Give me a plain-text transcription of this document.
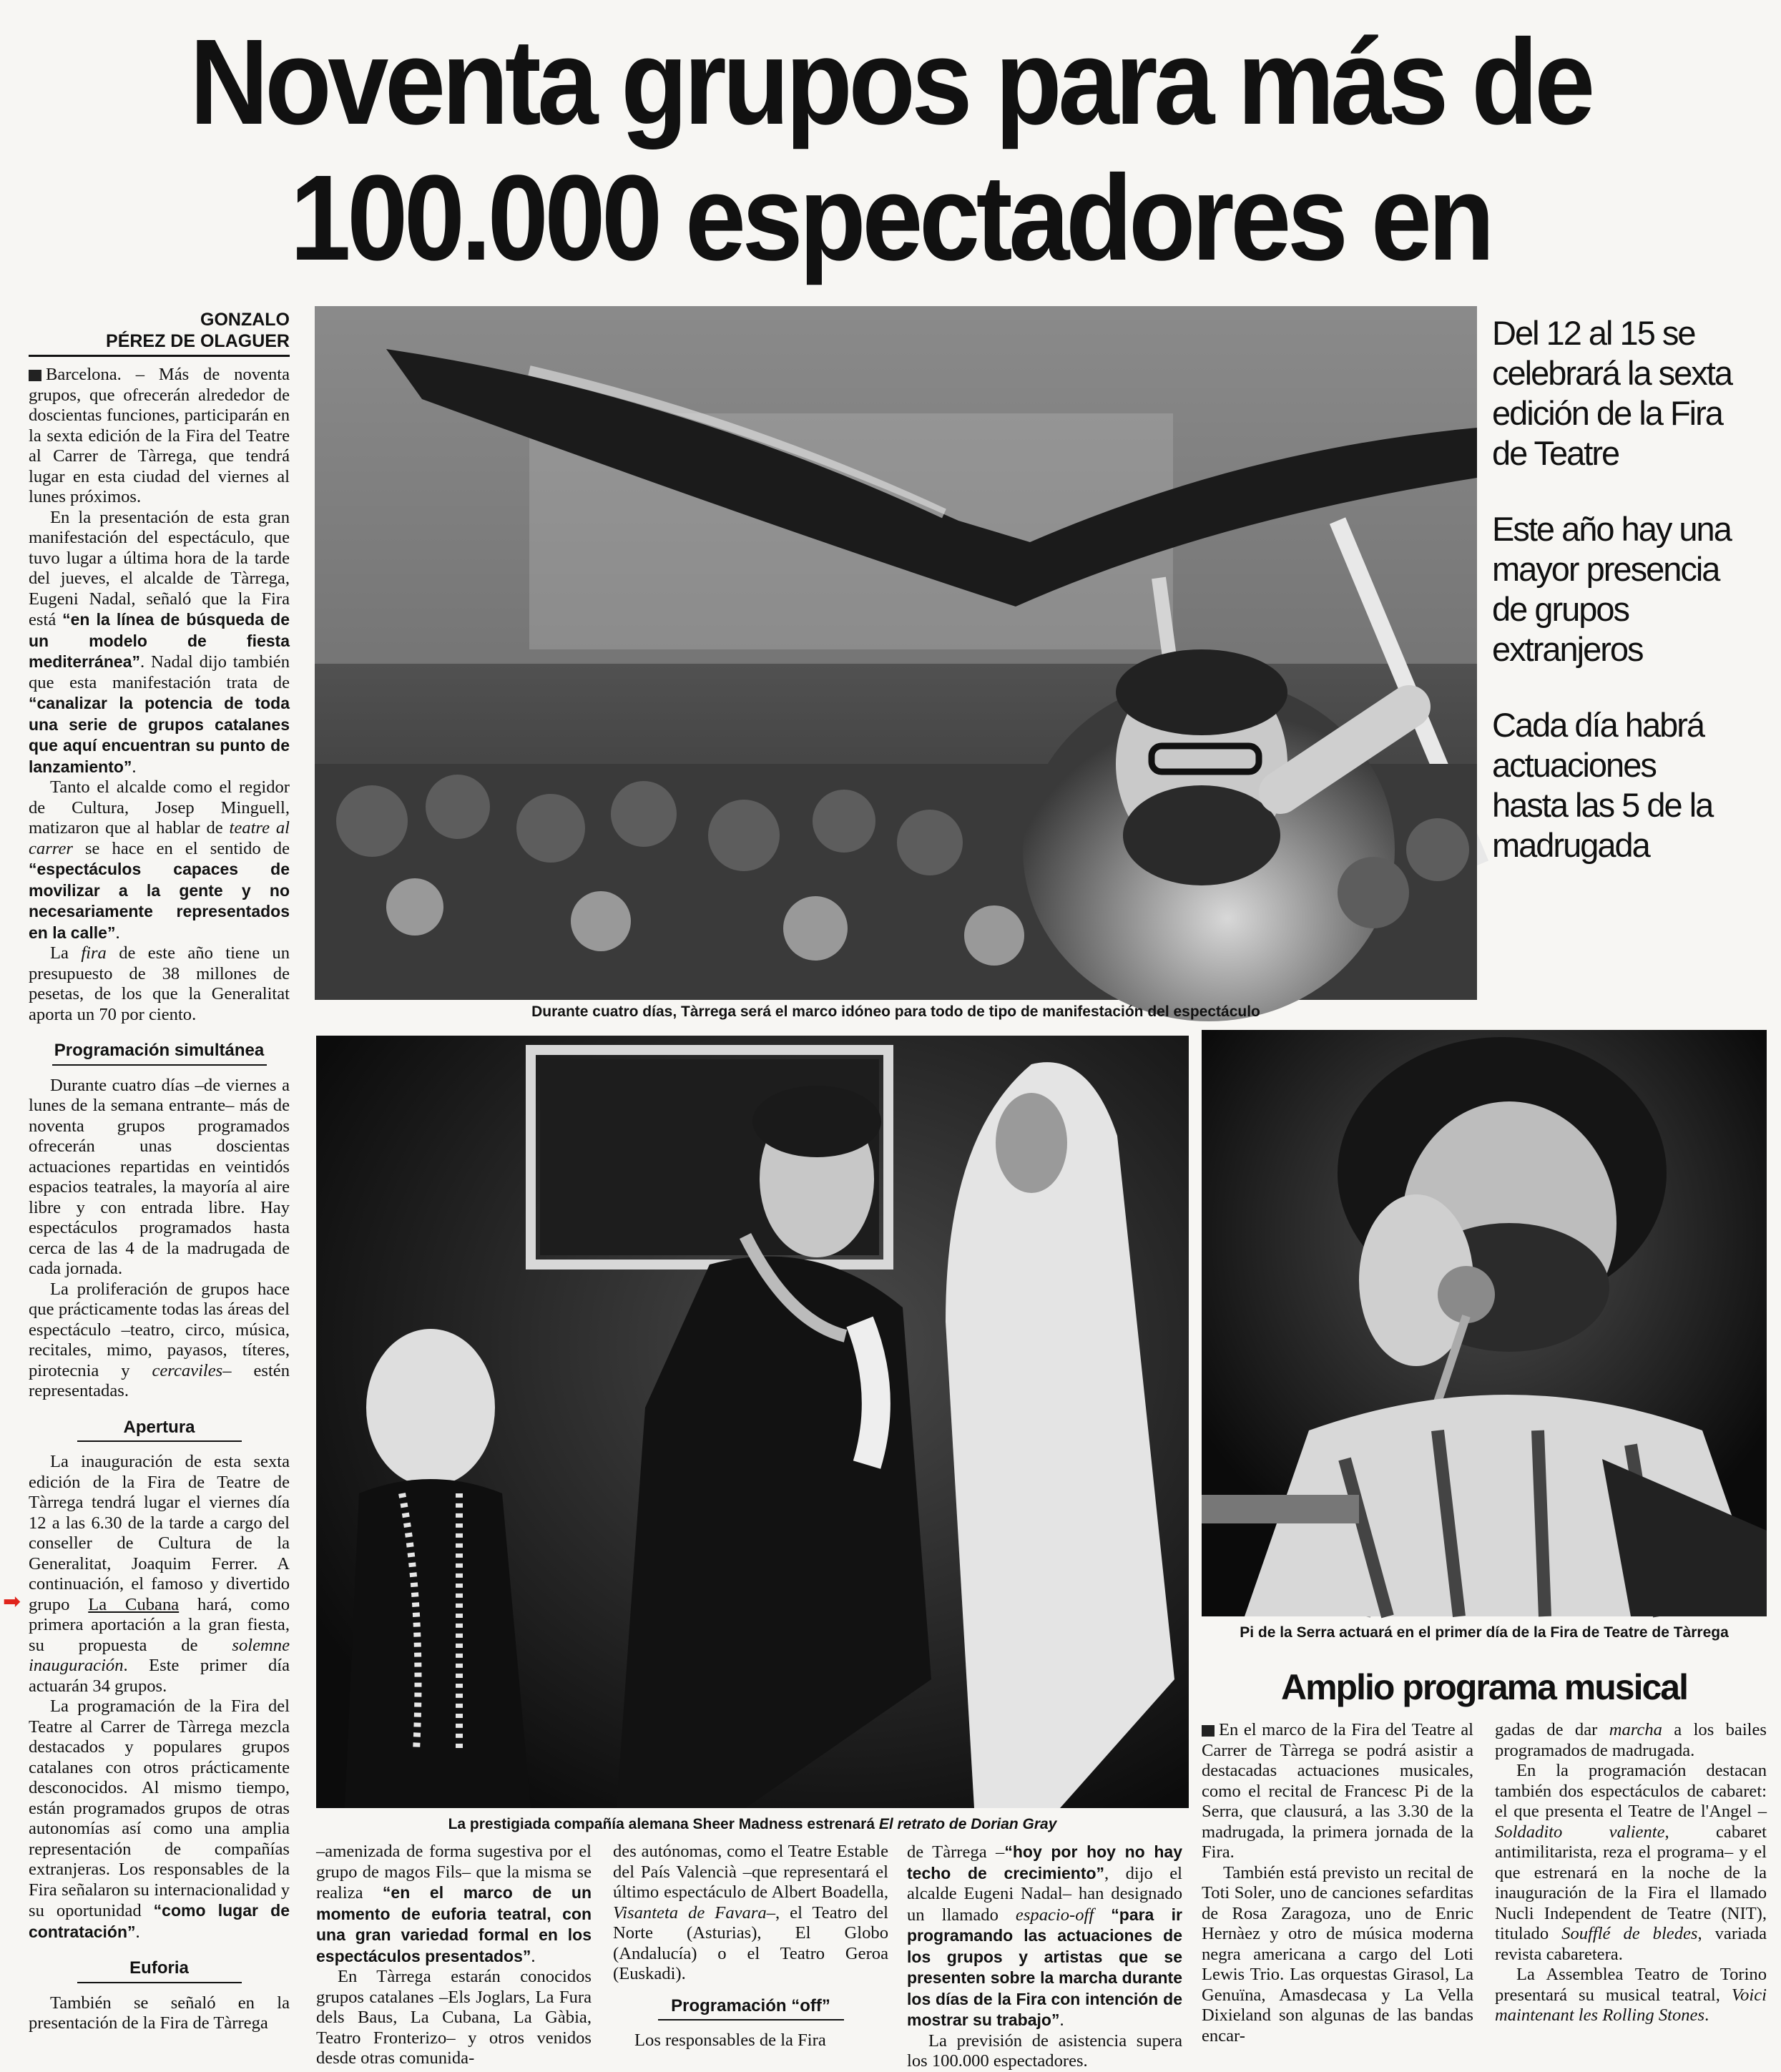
Noventa grupos para más de
100.000 espectadores en
GONZALO
PÉREZ DE OLAGUER

Barcelona. – Más de noventa grupos, que ofrecerán alrededor de doscientas funciones, participarán en la sexta edición de la Fira del Teatre al Carrer de Tàrrega, que tendrá lugar en esta ciudad del viernes al lunes próximos.

En la presentación de esta gran manifestación del espectáculo, que tuvo lugar a última hora de la tarde del jueves, el alcalde de Tàrrega, Eugeni Nadal, señaló que la Fira está “en la línea de búsqueda de un modelo de fiesta mediterránea”. Nadal dijo también que esta manifestación trata de “canalizar la potencia de toda una serie de grupos catalanes que aquí encuentran su punto de lanzamiento”.

Tanto el alcalde como el regidor de Cultura, Josep Minguell, matizaron que al hablar de teatre al carrer se hace en el sentido de “espectáculos capaces de movilizar a la gente y no necesariamente representados en la calle”.

La fira de este año tiene un presupuesto de 38 millones de pesetas, de los que la Generalitat aporta un 70 por ciento.

Programación simultánea

Durante cuatro días –de viernes a lunes de la semana entrante– más de noventa grupos programados ofrecerán unas doscientas actuaciones repartidas en veintidós espacios teatrales, la mayoría al aire libre y con entrada libre. Hay espectáculos programados hasta cerca de las 4 de la madrugada de cada jornada.

La proliferación de grupos hace que prácticamente todas las áreas del espectáculo –teatro, circo, música, recitales, mimo, payasos, títeres, pirotecnia y cercaviles– estén representadas.

Apertura

La inauguración de esta sexta edición de la Fira de Teatre de Tàrrega tendrá lugar el viernes día 12 a las 6.30 de la tarde a cargo del conseller de Cultura de la Generalitat, Joaquim Ferrer. A continuación, el famoso y divertido grupo La Cubana hará, como primera aportación a la gran fiesta, su propuesta de solemne inauguración. Este primer día actuarán 34 grupos.

La programación de la Fira del Teatre al Carrer de Tàrrega mezcla destacados y populares grupos catalanes con otros prácticamente desconocidos. Al mismo tiempo, están programados grupos de otras autonomías así como una amplia representación de compañías extranjeras. Los responsables de la Fira señalaron su internacionalidad y su oportunidad “como lugar de contratación”.

Euforia

También se señaló en la presentación de la Fira de Tàrrega

➡
Durante cuatro días, Tàrrega será el marco idóneo para todo de tipo de manifestación del espectáculo

Del 12 al 15 se celebrará la sexta edición de la Fira de Teatre

Este año hay una mayor presencia de grupos extranjeros

Cada día habrá actuaciones hasta las 5 de la madrugada

La prestigiada compañía alemana Sheer Madness estrenará El retrato de Dorian Gray
Pi de la Serra actuará en el primer día de la Fira de Teatre de Tàrrega

–amenizada de forma sugestiva por el grupo de magos Fils– que la misma se realiza “en el marco de un momento de euforia teatral, con una gran variedad formal en los espectáculos presentados”.

En Tàrrega estarán conocidos grupos catalanes –Els Joglars, La Fura dels Baus, La Cubana, La Gàbia, Teatro Fronterizo– y otros venidos desde otras comunida-

des autónomas, como el Teatre Estable del País Valencià –que representará el último espectáculo de Albert Boadella, Visanteta de Favara–, el Teatro del Norte (Asturias), El Globo (Andalucía) o el Teatro Geroa (Euskadi).

Programación “off”

Los responsables de la Fira

de Tàrrega –“hoy por hoy no hay techo de crecimiento”, dijo el alcalde Eugeni Nadal– han designado un llamado espacio-off “para ir programando las actuaciones de los grupos y artistas que se presenten sobre la marcha durante los días de la Fira con intención de mostrar su trabajo”.

La previsión de asistencia supera los 100.000 espectadores.

Amplio programa musical

En el marco de la Fira del Teatre al Carrer de Tàrrega se podrá asistir a destacadas actuaciones musicales, como el recital de Francesc Pi de la Serra, que clausurá, a las 3.30 de la madrugada, la primera jornada de la Fira.

También está previsto un recital de Toti Soler, uno de canciones sefarditas de Rosa Zaragoza, uno de Enric Hernàez y otro de música moderna negra americana a cargo del Loti Lewis Trio. Las orquestas Girasol, La Genuïna, Amasdecasa y La Vella Dixieland son algunas de las bandas encar-

gadas de dar marcha a los bailes programados de madrugada.

En la programación destacan también dos espectáculos de cabaret: el que presenta el Teatre de l'Angel –Soldadito valiente, cabaret antimilitarista, reza el programa– y el que estrenará en la noche de la inauguración de la Fira el llamado Nucli Independent de Teatre (NIT), titulado Soufflé de bledes, variada revista cabaretera.

La Assemblea Teatro de Torino presentará su musical teatral, Voici maintenant les Rolling Stones.
